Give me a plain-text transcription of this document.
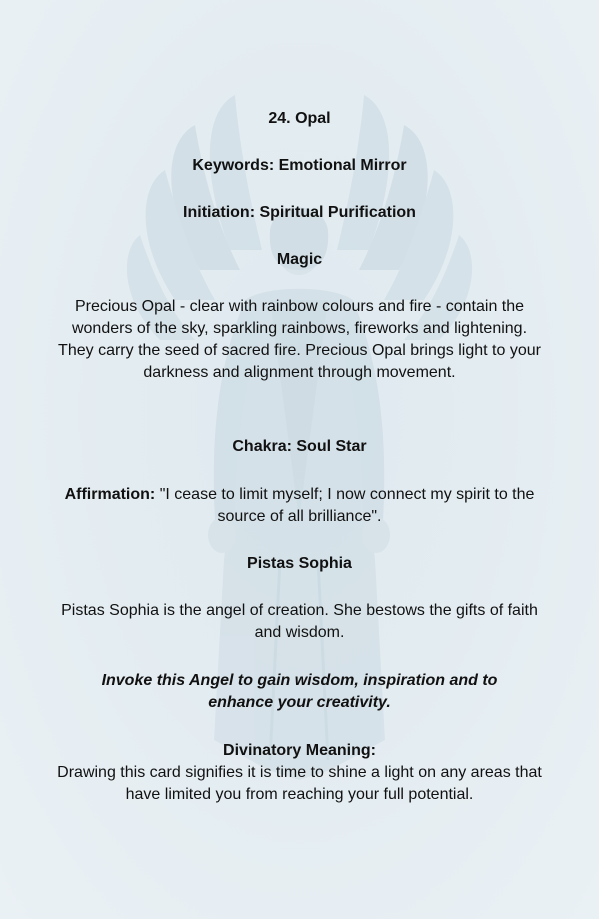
24. Opal
Keywords: Emotional Mirror
Initiation: Spiritual Purification
Magic
Precious Opal - clear with rainbow colours and fire - contain the wonders of the sky, sparkling rainbows, fireworks and lightening. They carry the seed of sacred fire. Precious Opal brings light to your darkness and alignment through movement.
Chakra: Soul Star
Affirmation: "I cease to limit myself; I now connect my spirit to the source of all brilliance".
Pistas Sophia
Pistas Sophia is the angel of creation. She bestows the gifts of faith and wisdom.
Invoke this Angel to gain wisdom, inspiration and to enhance your creativity.
Divinatory Meaning:
Drawing this card signifies it is time to shine a light on any areas that have limited you from reaching your full potential.
